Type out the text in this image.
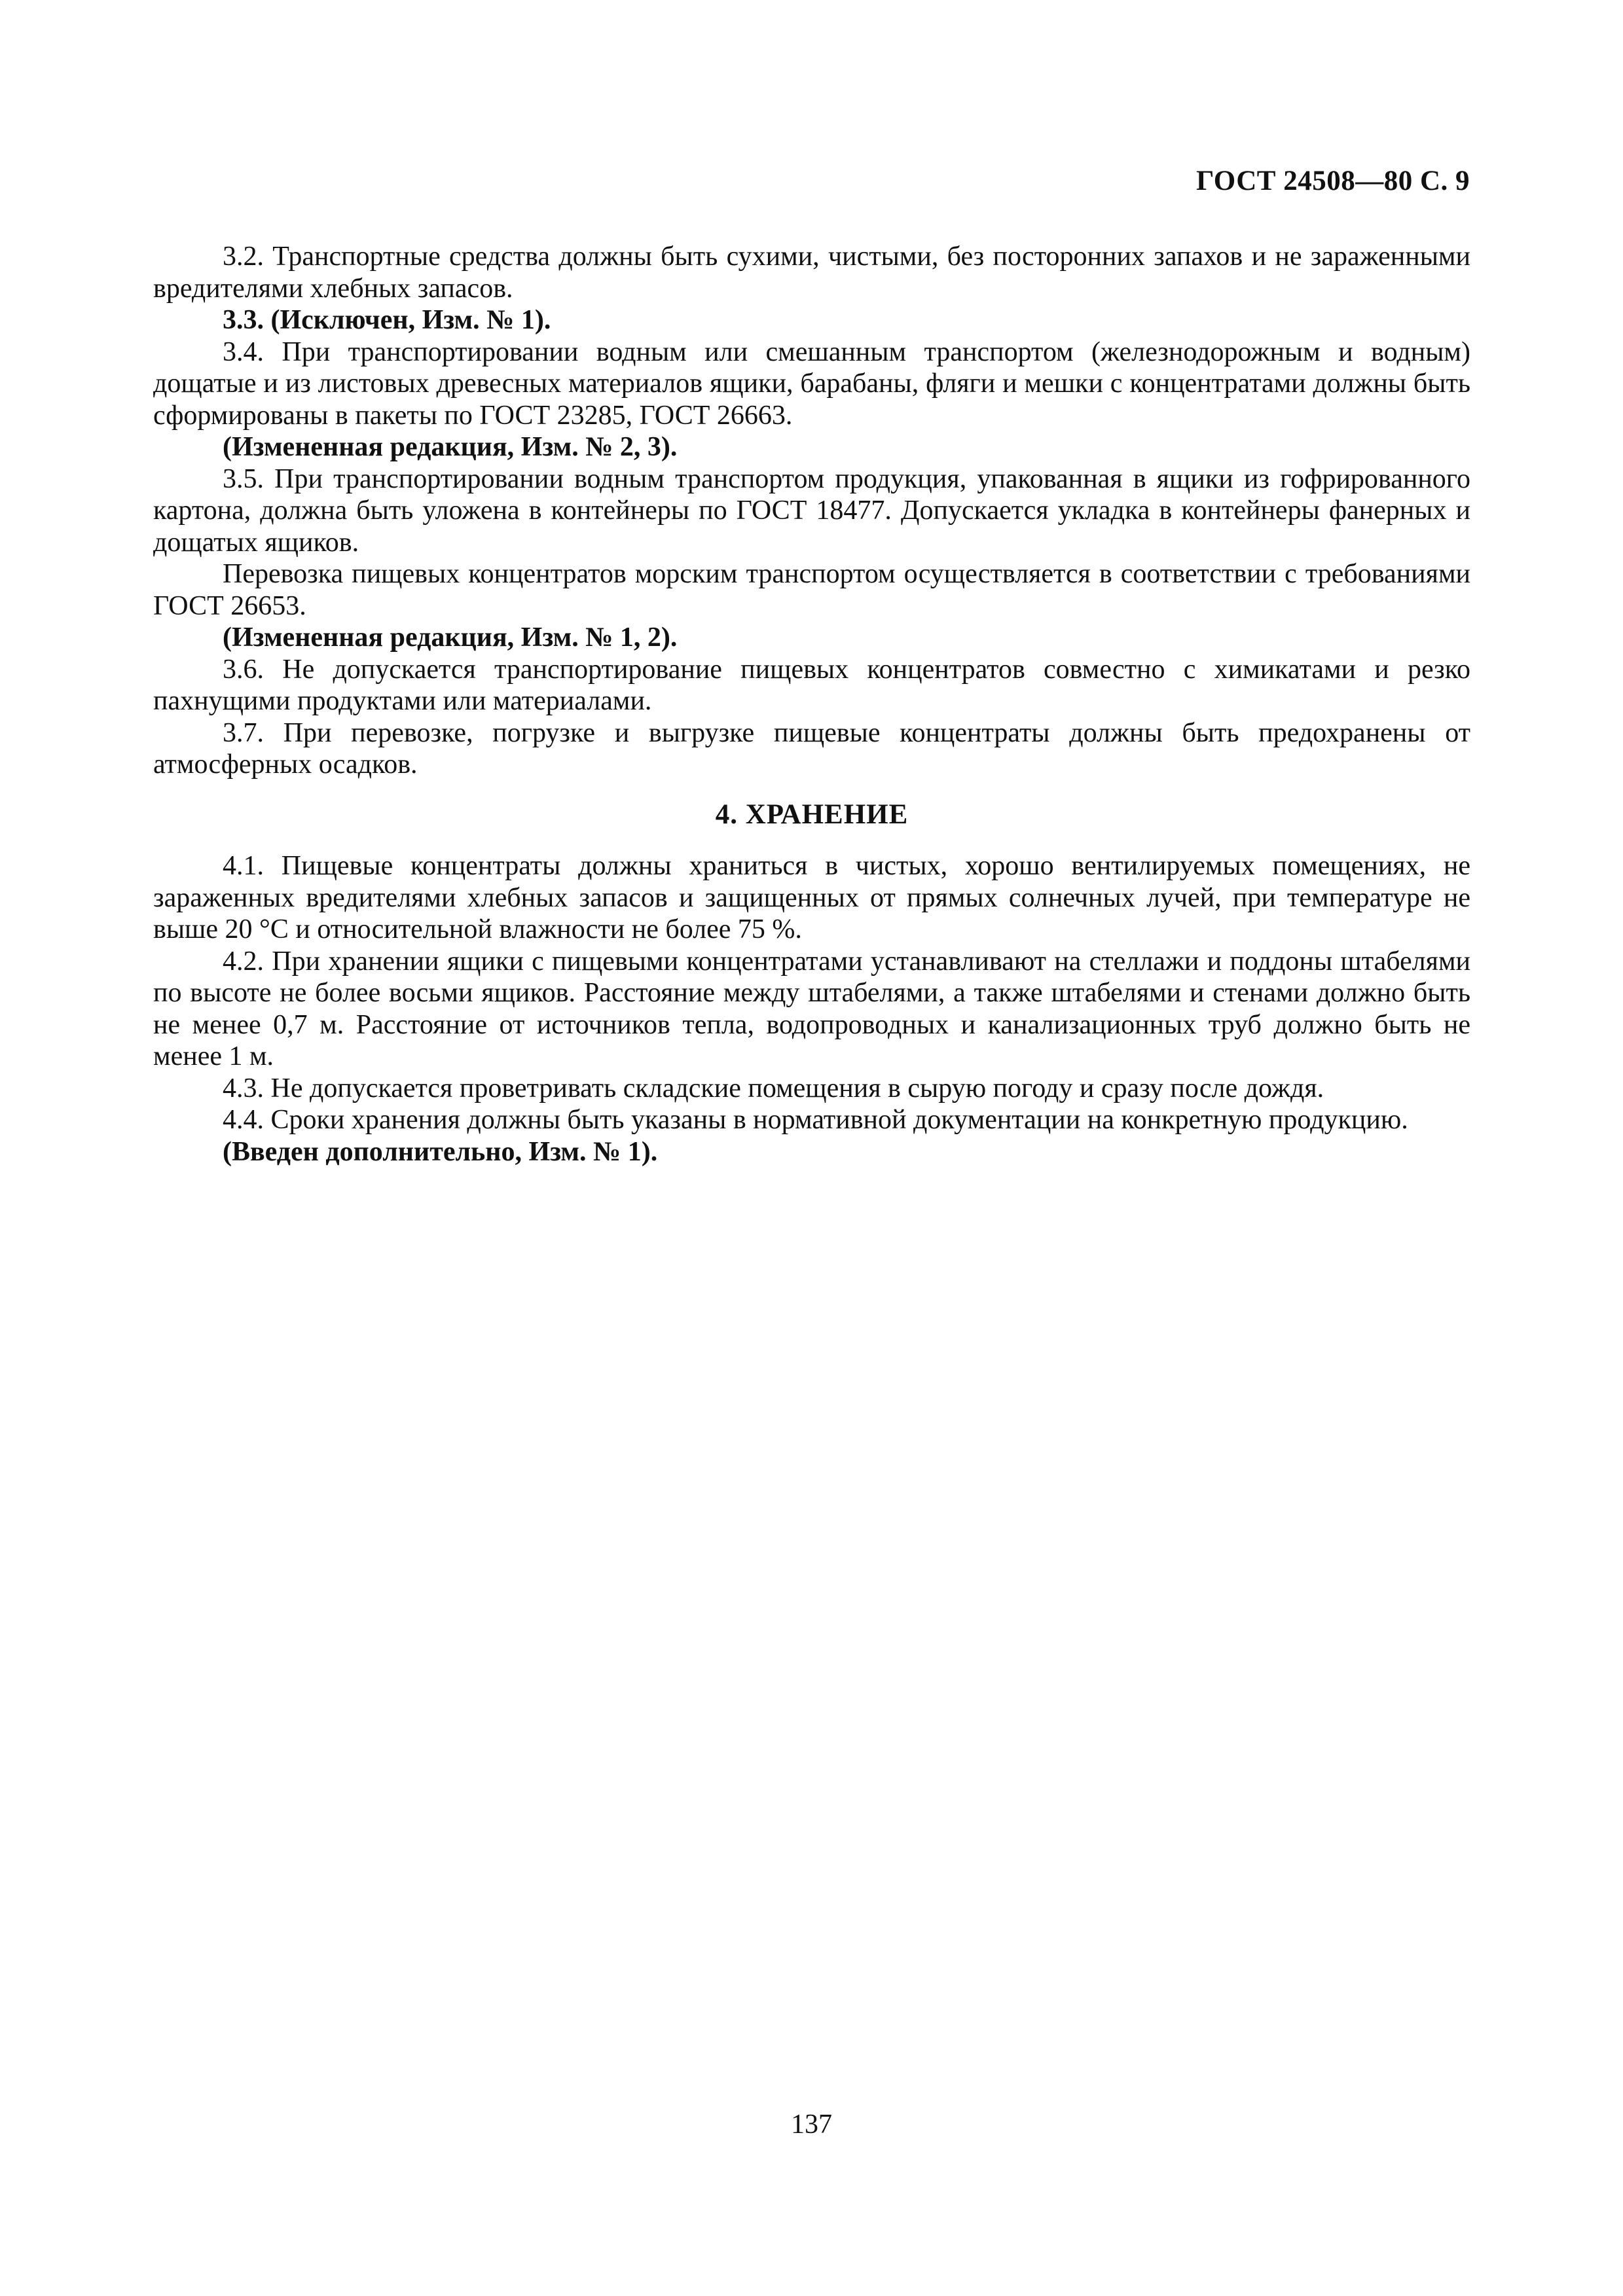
ГОСТ 24508—80 С. 9

3.2. Транспортные средства должны быть сухими, чистыми, без посторонних запахов и не зараженными вредителями хлебных запасов.

3.3. (Исключен, Изм. № 1).

3.4. При транспортировании водным или смешанным транспортом (железнодорожным и водным) дощатые и из листовых древесных материалов ящики, барабаны, фляги и мешки с концентратами должны быть сформированы в пакеты по ГОСТ 23285, ГОСТ 26663.

(Измененная редакция, Изм. № 2, 3).

3.5. При транспортировании водным транспортом продукция, упакованная в ящики из гофрированного картона, должна быть уложена в контейнеры по ГОСТ 18477. Допускается укладка в контейнеры фанерных и дощатых ящиков.

Перевозка пищевых концентратов морским транспортом осуществляется в соответствии с требованиями ГОСТ 26653.

(Измененная редакция, Изм. № 1, 2).

3.6. Не допускается транспортирование пищевых концентратов совместно с химикатами и резко пахнущими продуктами или материалами.

3.7. При перевозке, погрузке и выгрузке пищевые концентраты должны быть предохранены от атмосферных осадков.

4. ХРАНЕНИЕ

4.1. Пищевые концентраты должны храниться в чистых, хорошо вентилируемых помещениях, не зараженных вредителями хлебных запасов и защищенных от прямых солнечных лучей, при температуре не выше 20 °С и относительной влажности не более 75 %.

4.2. При хранении ящики с пищевыми концентратами устанавливают на стеллажи и поддоны штабелями по высоте не более восьми ящиков. Расстояние между штабелями, а также штабелями и стенами должно быть не менее 0,7 м. Расстояние от источников тепла, водопроводных и канализационных труб должно быть не менее 1 м.

4.3. Не допускается проветривать складские помещения в сырую погоду и сразу после дождя.

4.4. Сроки хранения должны быть указаны в нормативной документации на конкретную продукцию.

(Введен дополнительно, Изм. № 1).

137
